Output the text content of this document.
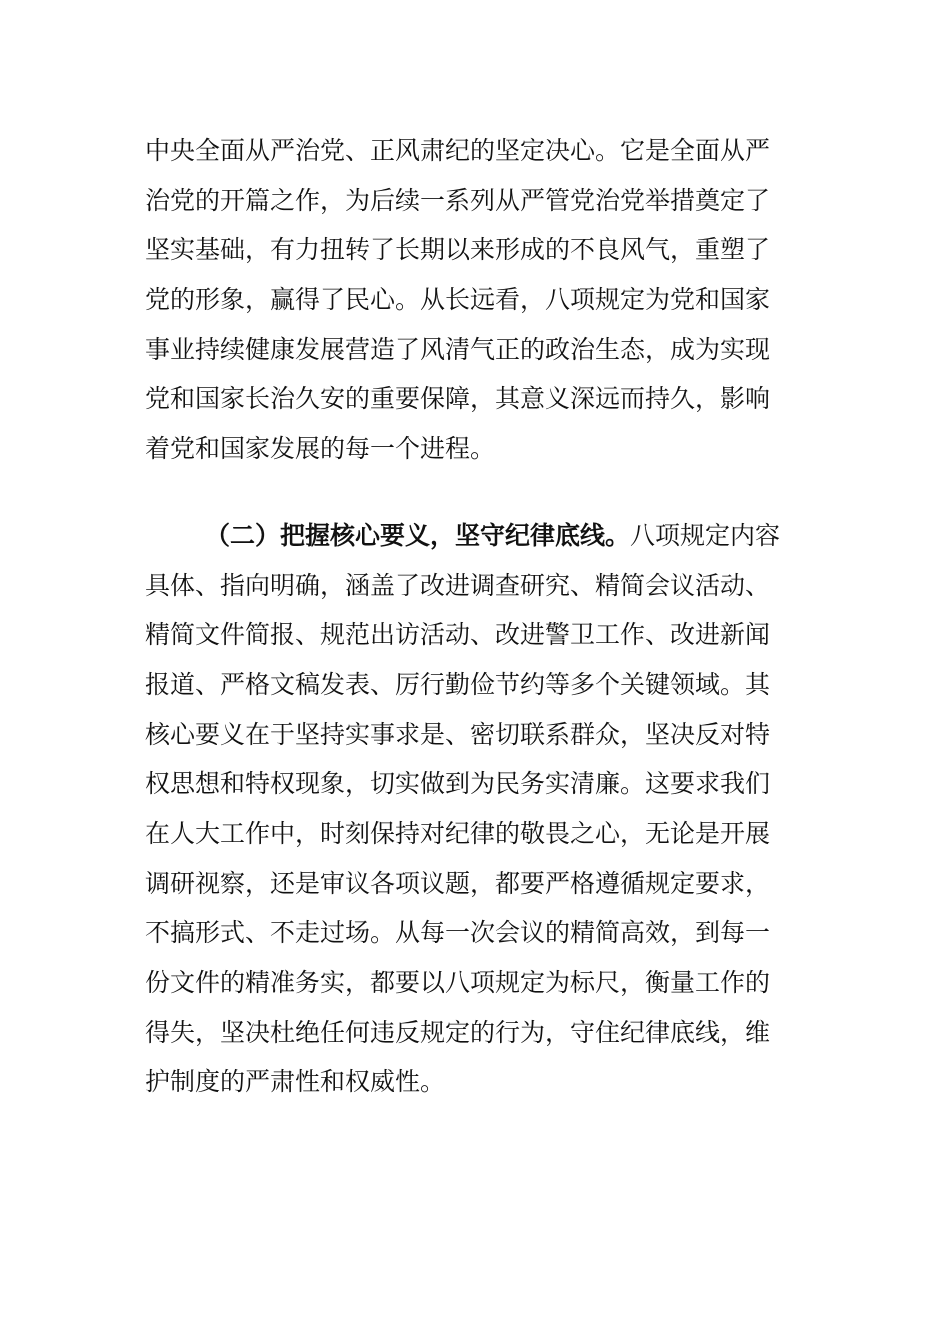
中央全面从严治党、正风肃纪的坚定决心。它是全面从严
治党的开篇之作，为后续一系列从严管党治党举措奠定了
坚实基础，有力扭转了长期以来形成的不良风气，重塑了
党的形象，赢得了民心。从长远看，八项规定为党和国家
事业持续健康发展营造了风清气正的政治生态，成为实现
党和国家长治久安的重要保障，其意义深远而持久，影响
着党和国家发展的每一个进程。
（二）把握核心要义，坚守纪律底线。八项规定内容
具体、指向明确，涵盖了改进调查研究、精简会议活动、
精简文件简报、规范出访活动、改进警卫工作、改进新闻
报道、严格文稿发表、厉行勤俭节约等多个关键领域。其
核心要义在于坚持实事求是、密切联系群众，坚决反对特
权思想和特权现象，切实做到为民务实清廉。这要求我们
在人大工作中，时刻保持对纪律的敬畏之心，无论是开展
调研视察，还是审议各项议题，都要严格遵循规定要求，
不搞形式、不走过场。从每一次会议的精简高效，到每一
份文件的精准务实，都要以八项规定为标尺，衡量工作的
得失，坚决杜绝任何违反规定的行为，守住纪律底线，维
护制度的严肃性和权威性。
